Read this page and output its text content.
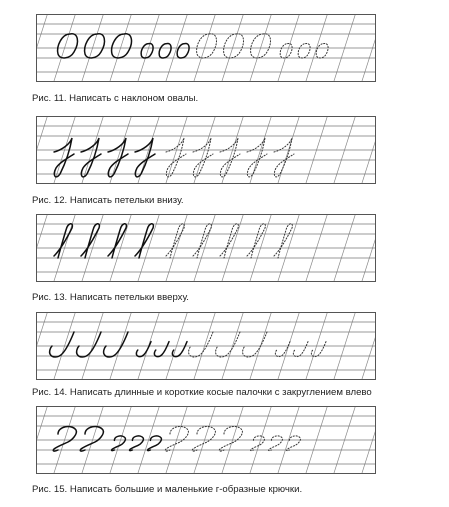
Рис. 11. Написать с наклоном овалы.
Рис. 12. Написать петельки внизу.
Рис. 13. Написать петельки вверху.
Рис. 14. Написать длинные и короткие косые палочки с закруглением влево
Рис. 15. Написать большие и маленькие г-образные крючки.
